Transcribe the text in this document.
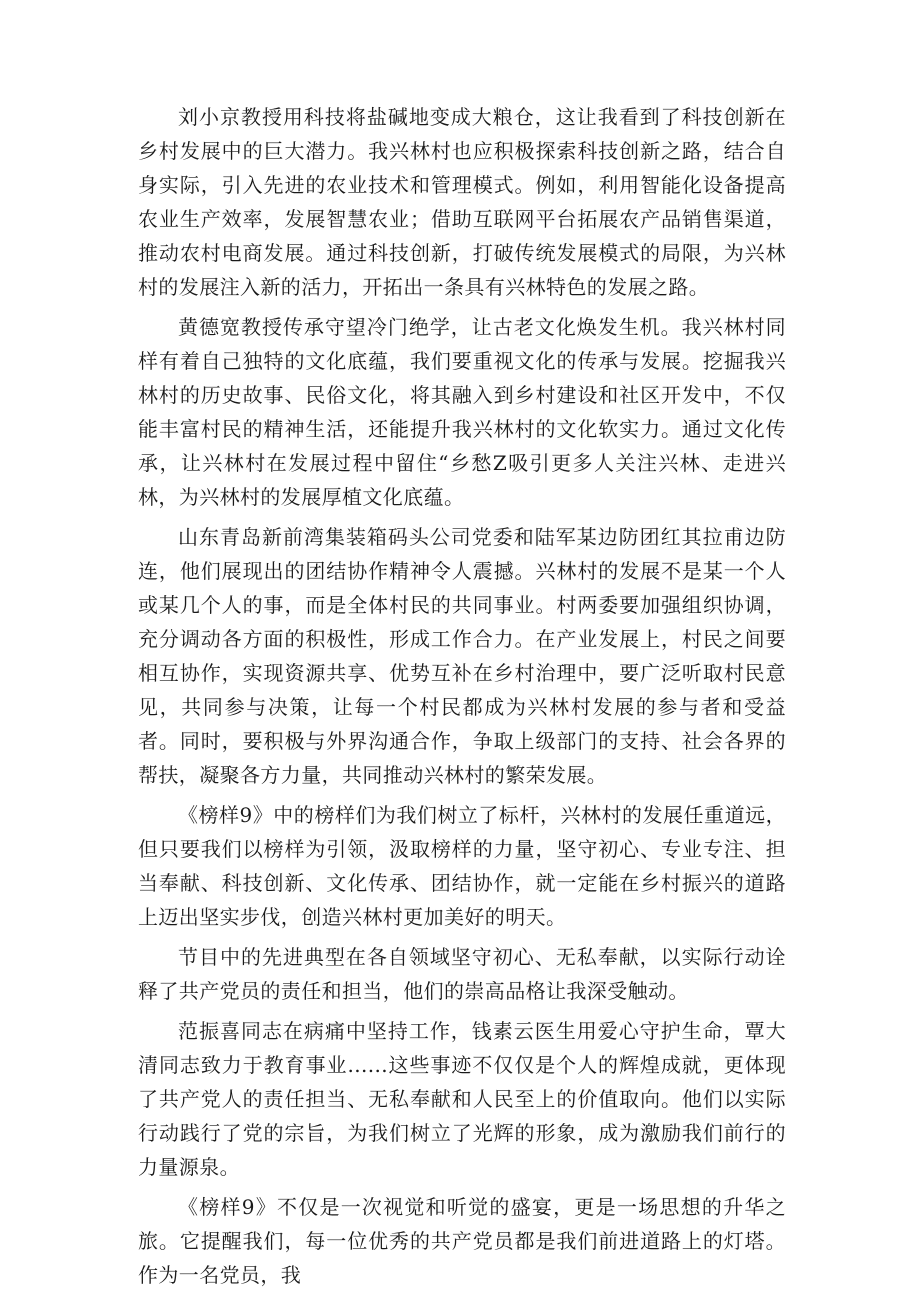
刘小京教授用科技将盐碱地变成大粮仓，这让我看到了科技创新在乡村发展中的巨大潜力。我兴林村也应积极探索科技创新之路，结合自身实际，引入先进的农业技术和管理模式。例如，利用智能化设备提高农业生产效率，发展智慧农业；借助互联网平台拓展农产品销售渠道，推动农村电商发展。通过科技创新，打破传统发展模式的局限，为兴林村的发展注入新的活力，开拓出一条具有兴林特色的发展之路。

黄德宽教授传承守望冷门绝学，让古老文化焕发生机。我兴林村同样有着自己独特的文化底蕴，我们要重视文化的传承与发展。挖掘我兴林村的历史故事、民俗文化，将其融入到乡村建设和社区开发中，不仅能丰富村民的精神生活，还能提升我兴林村的文化软实力。通过文化传承，让兴林村在发展过程中留住“乡愁Z吸引更多人关注兴林、走进兴林，为兴林村的发展厚植文化底蕴。

山东青岛新前湾集装箱码头公司党委和陆军某边防团红其拉甫边防连，他们展现出的团结协作精神令人震撼。兴林村的发展不是某一个人或某几个人的事，而是全体村民的共同事业。村两委要加强组织协调，充分调动各方面的积极性，形成工作合力。在产业发展上，村民之间要相互协作，实现资源共享、优势互补在乡村治理中，要广泛听取村民意见，共同参与决策，让每一个村民都成为兴林村发展的参与者和受益者。同时，要积极与外界沟通合作，争取上级部门的支持、社会各界的帮扶，凝聚各方力量，共同推动兴林村的繁荣发展。

《榜样9》中的榜样们为我们树立了标杆，兴林村的发展任重道远，但只要我们以榜样为引领，汲取榜样的力量，坚守初心、专业专注、担当奉献、科技创新、文化传承、团结协作，就一定能在乡村振兴的道路上迈出坚实步伐，创造兴林村更加美好的明天。

节目中的先进典型在各自领域坚守初心、无私奉献，以实际行动诠释了共产党员的责任和担当，他们的崇高品格让我深受触动。

范振喜同志在病痛中坚持工作，钱素云医生用爱心守护生命，覃大清同志致力于教育事业......这些事迹不仅仅是个人的辉煌成就，更体现了共产党人的责任担当、无私奉献和人民至上的价值取向。他们以实际行动践行了党的宗旨，为我们树立了光辉的形象，成为激励我们前行的力量源泉。

《榜样9》不仅是一次视觉和听觉的盛宴，更是一场思想的升华之旅。它提醒我们，每一位优秀的共产党员都是我们前进道路上的灯塔。作为一名党员，我
